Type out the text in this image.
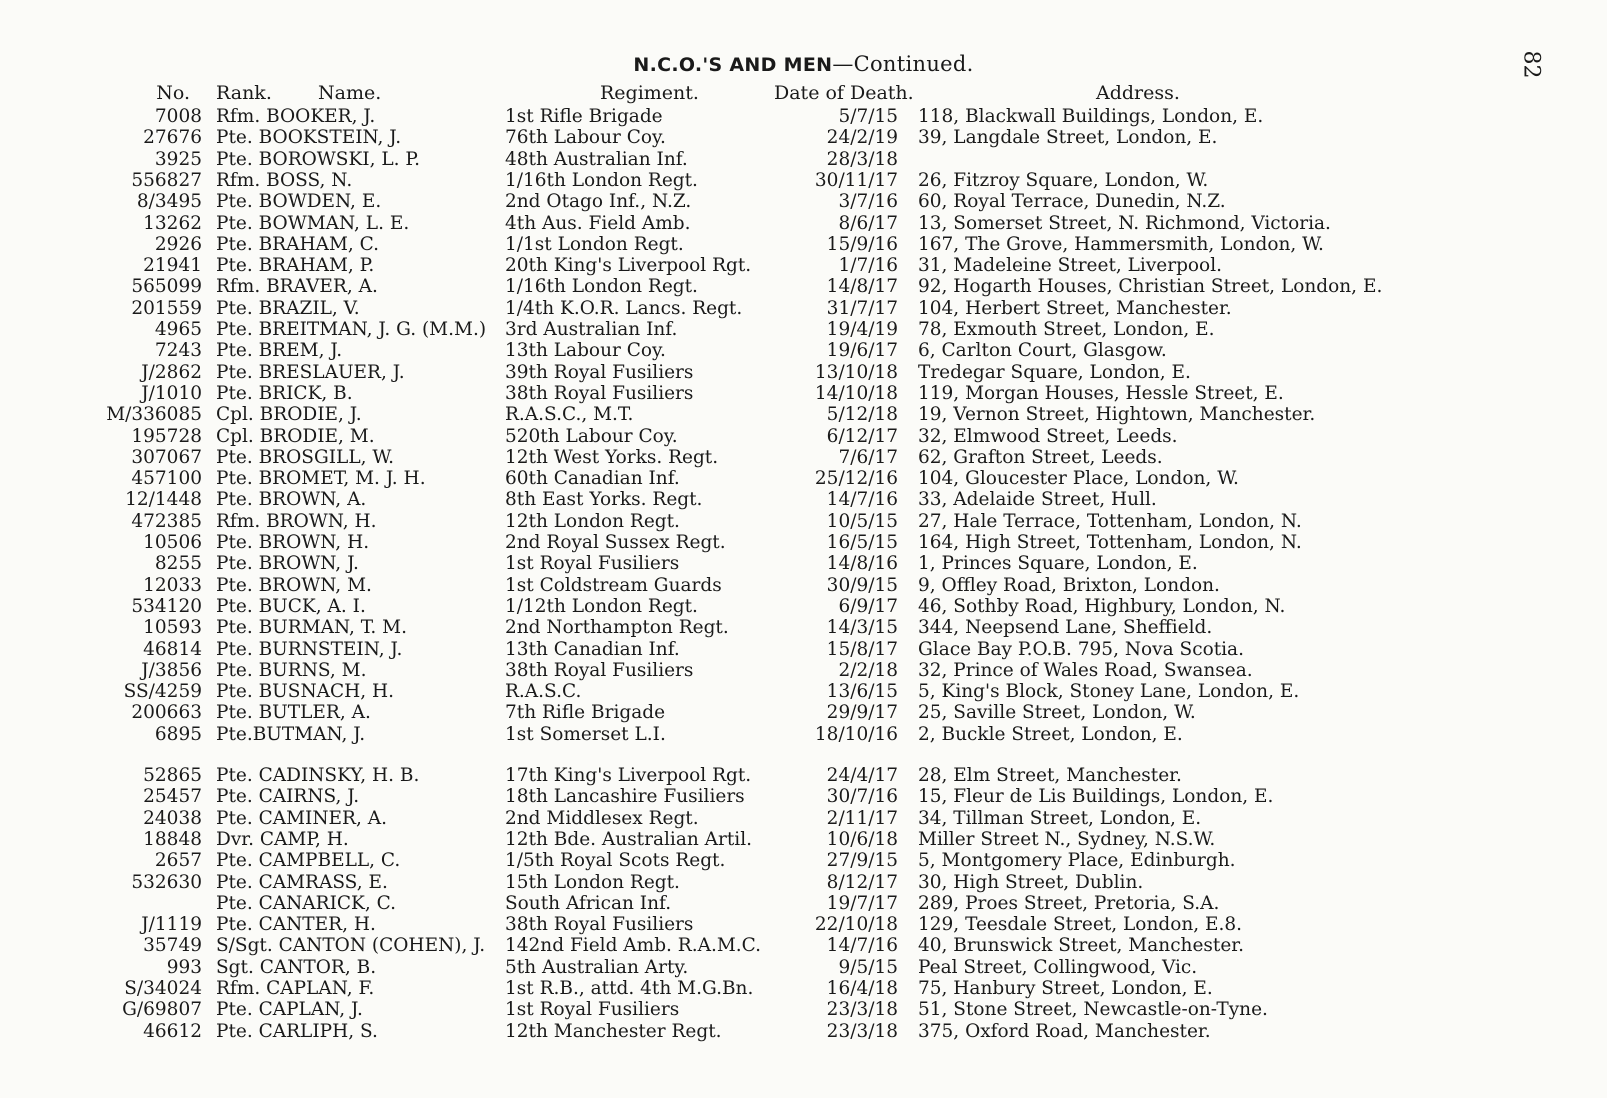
82
N.C.O.'S AND MEN—Continued.
No. Rank. Name.	Regiment.	Date of Death.	Address.
7008 Rfm. BOOKER, J.	1st Rifle Brigade	5/7/15 118, Blackwall Buildings, London, E.
27676 Pte. BOOKSTEIN, J.	76th Labour Coy.	24/2/19 39, Langdale Street, London, E.
3925 Pte. BOROWSKI, L. P.	48th Australian Inf.	28/3/18
556827 Rfm. BOSS, N.	1/16th London Regt.	30/11/17 26, Fitzroy Square, London, W.
8/3495 Pte. BOWDEN, E.	2nd Otago Inf., N.Z.	3/7/16 60, Royal Terrace, Dunedin, N.Z.
13262 Pte. BOWMAN, L. E.	4th Aus. Field Amb.	8/6/17 13, Somerset Street, N. Richmond, Victoria.
2926 Pte. BRAHAM, C.	1/1st London Regt.	15/9/16 167, The Grove, Hammersmith, London, W.
21941 Pte. BRAHAM, P.	20th King's Liverpool Rgt.	1/7/16 31, Madeleine Street, Liverpool.
565099 Rfm. BRAVER, A.	1/16th London Regt.	14/8/17 92, Hogarth Houses, Christian Street, London, E.
201559 Pte. BRAZIL, V.	1/4th K.O.R. Lancs. Regt.	31/7/17 104, Herbert Street, Manchester.
4965 Pte. BREITMAN, J. G. (M.M.)	3rd Australian Inf.	19/4/19 78, Exmouth Street, London, E.
7243 Pte. BREM, J.	13th Labour Coy.	19/6/17 6, Carlton Court, Glasgow.
J/2862 Pte. BRESLAUER, J.	39th Royal Fusiliers	13/10/18 Tredegar Square, London, E.
J/1010 Pte. BRICK, B.	38th Royal Fusiliers	14/10/18 119, Morgan Houses, Hessle Street, E.
M/336085 Cpl. BRODIE, J.	R.A.S.C., M.T.	5/12/18 19, Vernon Street, Hightown, Manchester.
195728 Cpl. BRODIE, M.	520th Labour Coy.	6/12/17 32, Elmwood Street, Leeds.
307067 Pte. BROSGILL, W.	12th West Yorks. Regt.	7/6/17 62, Grafton Street, Leeds.
457100 Pte. BROMET, M. J. H.	60th Canadian Inf.	25/12/16 104, Gloucester Place, London, W.
12/1448 Pte. BROWN, A.	8th East Yorks. Regt.	14/7/16 33, Adelaide Street, Hull.
472385 Rfm. BROWN, H.	12th London Regt.	10/5/15 27, Hale Terrace, Tottenham, London, N.
10506 Pte. BROWN, H.	2nd Royal Sussex Regt.	16/5/15 164, High Street, Tottenham, London, N.
8255 Pte. BROWN, J.	1st Royal Fusiliers	14/8/16 1, Princes Square, London, E.
12033 Pte. BROWN, M.	1st Coldstream Guards	30/9/15 9, Offley Road, Brixton, London.
534120 Pte. BUCK, A. I.	1/12th London Regt.	6/9/17 46, Sothby Road, Highbury, London, N.
10593 Pte. BURMAN, T. M.	2nd Northampton Regt.	14/3/15 344, Neepsend Lane, Sheffield.
46814 Pte. BURNSTEIN, J.	13th Canadian Inf.	15/8/17 Glace Bay P.O.B. 795, Nova Scotia.
J/3856 Pte. BURNS, M.	38th Royal Fusiliers	2/2/18 32, Prince of Wales Road, Swansea.
SS/4259 Pte. BUSNACH, H.	R.A.S.C.	13/6/15 5, King's Block, Stoney Lane, London, E.
200663 Pte. BUTLER, A.	7th Rifle Brigade	29/9/17 25, Saville Street, London, W.
6895 Pte.BUTMAN, J.	1st Somerset L.I.	18/10/16 2, Buckle Street, London, E.
52865 Pte. CADINSKY, H. B.	17th King's Liverpool Rgt.	24/4/17 28, Elm Street, Manchester.
25457 Pte. CAIRNS, J.	18th Lancashire Fusiliers	30/7/16 15, Fleur de Lis Buildings, London, E.
24038 Pte. CAMINER, A.	2nd Middlesex Regt.	2/11/17 34, Tillman Street, London, E.
18848 Dvr. CAMP, H.	12th Bde. Australian Artil.	10/6/18 Miller Street N., Sydney, N.S.W.
2657 Pte. CAMPBELL, C.	1/5th Royal Scots Regt.	27/9/15 5, Montgomery Place, Edinburgh.
532630 Pte. CAMRASS, E.	15th London Regt.	8/12/17 30, High Street, Dublin.
Pte. CANARICK, C.	South African Inf.	19/7/17 289, Proes Street, Pretoria, S.A.
J/1119 Pte. CANTER, H.	38th Royal Fusiliers	22/10/18 129, Teesdale Street, London, E.8.
35749 S/Sgt. CANTON (COHEN), J.	142nd Field Amb. R.A.M.C.	14/7/16 40, Brunswick Street, Manchester.
993 Sgt. CANTOR, B.	5th Australian Arty.	9/5/15 Peal Street, Collingwood, Vic.
S/34024 Rfm. CAPLAN, F.	1st R.B., attd. 4th M.G.Bn.	16/4/18 75, Hanbury Street, London, E.
G/69807 Pte. CAPLAN, J.	1st Royal Fusiliers	23/3/18 51, Stone Street, Newcastle-on-Tyne.
46612 Pte. CARLIPH, S.	12th Manchester Regt.	23/3/18 375, Oxford Road, Manchester.
